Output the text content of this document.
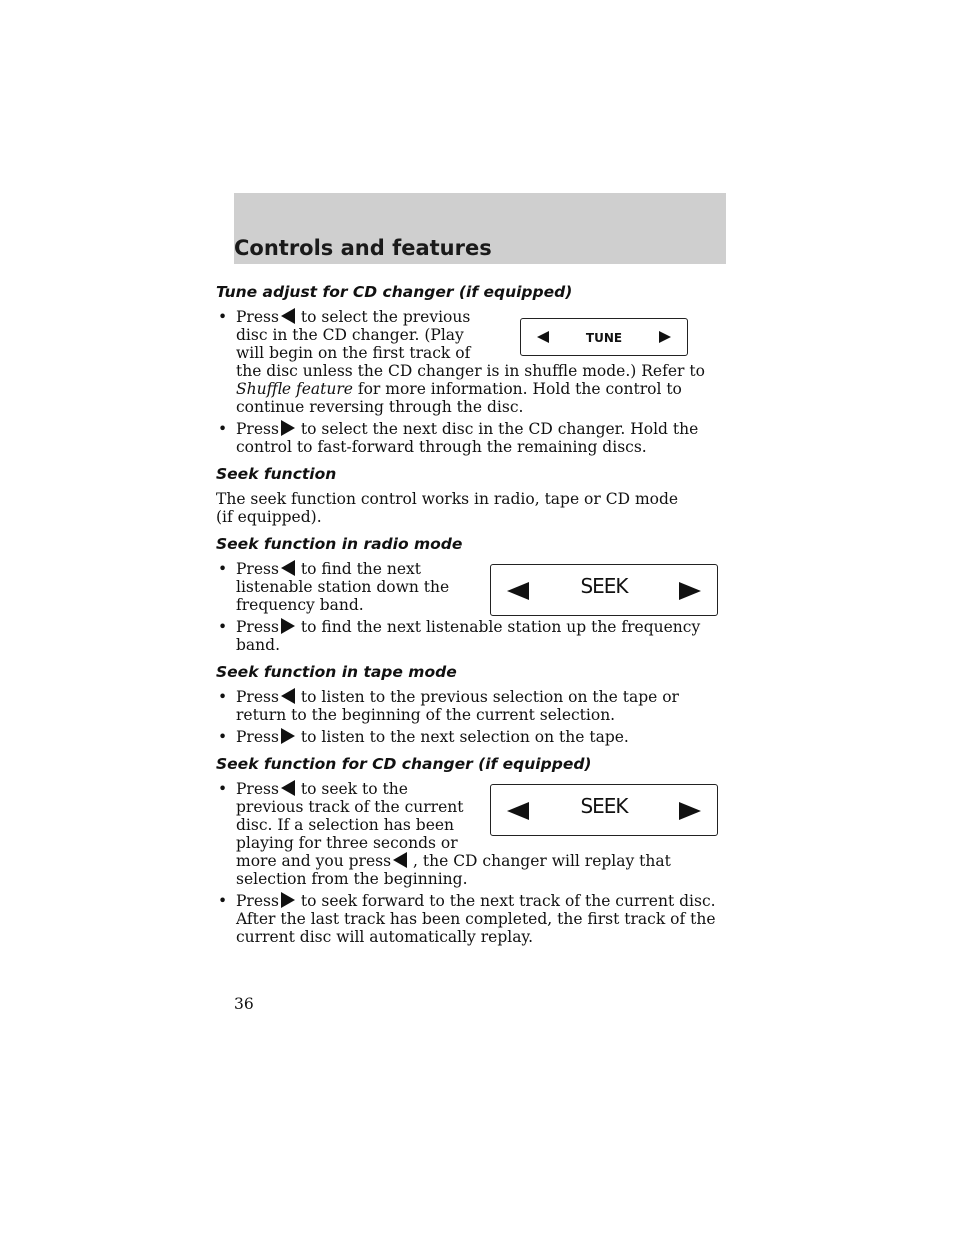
Controls and features
Tune adjust for CD changer (if equipped)
TUNE
• Press to select the previous disc in the CD changer. (Play will begin on the first track of the disc unless the CD changer is in shuffle mode.) Refer to Shuffle feature for more information. Hold the control to continue reversing through the disc.
• Press to select the next disc in the CD changer. Hold the control to fast-forward through the remaining discs.
Seek function

The seek function control works in radio, tape or CD mode
(if equipped).

Seek function in radio mode
SEEK
• Press to find the next listenable station down the frequency band.
• Press to find the next listenable station up the frequency band.
Seek function in tape mode
• Press to listen to the previous selection on the tape or return to the beginning of the current selection.
• Press to listen to the next selection on the tape.
Seek function for CD changer (if equipped)
SEEK
• Press to seek to the previous track of the current disc. If a selection has been playing for three seconds or more and you press , the CD changer will replay that selection from the beginning.
• Press to seek forward to the next track of the current disc. After the last track has been completed, the first track of the current disc will automatically replay.
36
